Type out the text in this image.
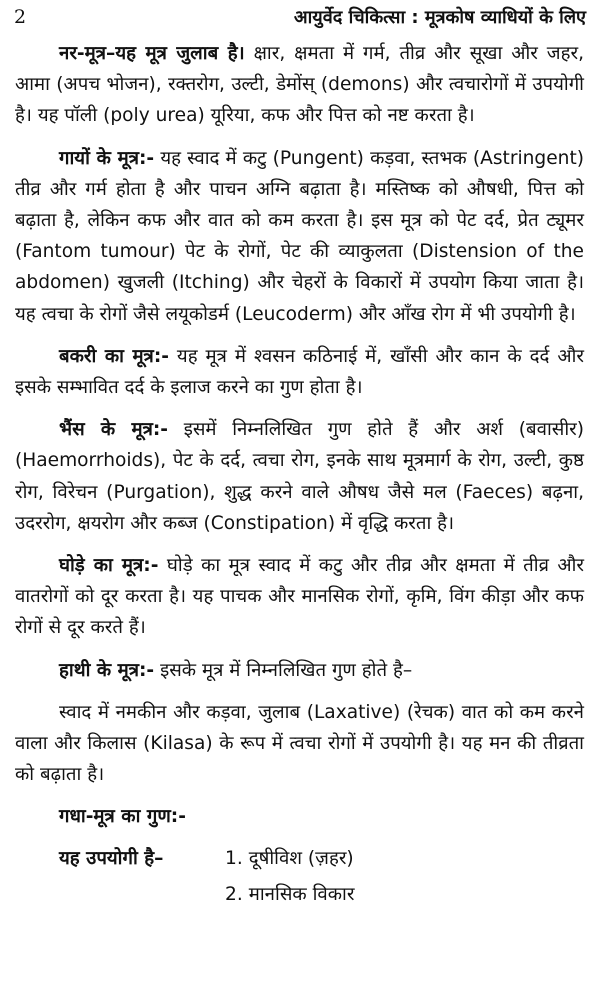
2	आयुर्वेद चिकित्सा : मूत्रकोष व्याधियों के लिए

नर-मूत्र–यह मूत्र जुलाब है। क्षार, क्षमता में गर्म, तीव्र और सूखा और जहर, आमा (अपच भोजन), रक्तरोग, उल्टी, डेमोंस् (demons) और त्वचारोगों में उपयोगी है। यह पॉली (poly urea) यूरिया, कफ और पित्त को नष्ट करता है।

गायों के मूत्र:- यह स्वाद में कटु (Pungent) कड़वा, स्तभक (Astringent) तीव्र और गर्म होता है और पाचन अग्नि बढ़ाता है। मस्तिष्क को औषधी, पित्त को बढ़ाता है, लेकिन कफ और वात को कम करता है। इस मूत्र को पेट दर्द, प्रेत ट्यूमर (Fantom tumour) पेट के रोगों, पेट की व्याकुलता (Distension of the abdomen) खुजली (Itching) और चेहरों के विकारों में उपयोग किया जाता है। यह त्वचा के रोगों जैसे लयूकोडर्म (Leucoderm) और आँख रोग में भी उपयोगी है।

बकरी का मूत्र:- यह मूत्र में श्वसन कठिनाई में, खाँसी और कान के दर्द और इसके सम्भावित दर्द के इलाज करने का गुण होता है।

भैंस के मूत्र:- इसमें निम्नलिखित गुण होते हैं और अर्श (बवासीर) (Haemorrhoids), पेट के दर्द, त्वचा रोग, इनके साथ मूत्रमार्ग के रोग, उल्टी, कुष्ठ रोग, विरेचन (Purgation), शुद्ध करने वाले औषध जैसे मल (Faeces) बढ़ना, उदररोग, क्षयरोग और कब्ज (Constipation) में वृद्धि करता है।

घोड़े का मूत्र:- घोड़े का मूत्र स्वाद में कटु और तीव्र और क्षमता में तीव्र और वातरोगों को दूर करता है। यह पाचक और मानसिक रोगों, कृमि, विंग कीड़ा और कफ रोगों से दूर करते हैं।

हाथी के मूत्र:- इसके मूत्र में निम्नलिखित गुण होते है–

स्वाद में नमकीन और कड़वा, जुलाब (Laxative) (रेचक) वात को कम करने वाला और किलास (Kilasa) के रूप में त्वचा रोगों में उपयोगी है। यह मन की तीव्रता को बढ़ाता है।

गधा-मूत्र का गुण:-

यह उपयोगी है–	1. दूषीविश (ज़हर)
2. मानसिक विकार
